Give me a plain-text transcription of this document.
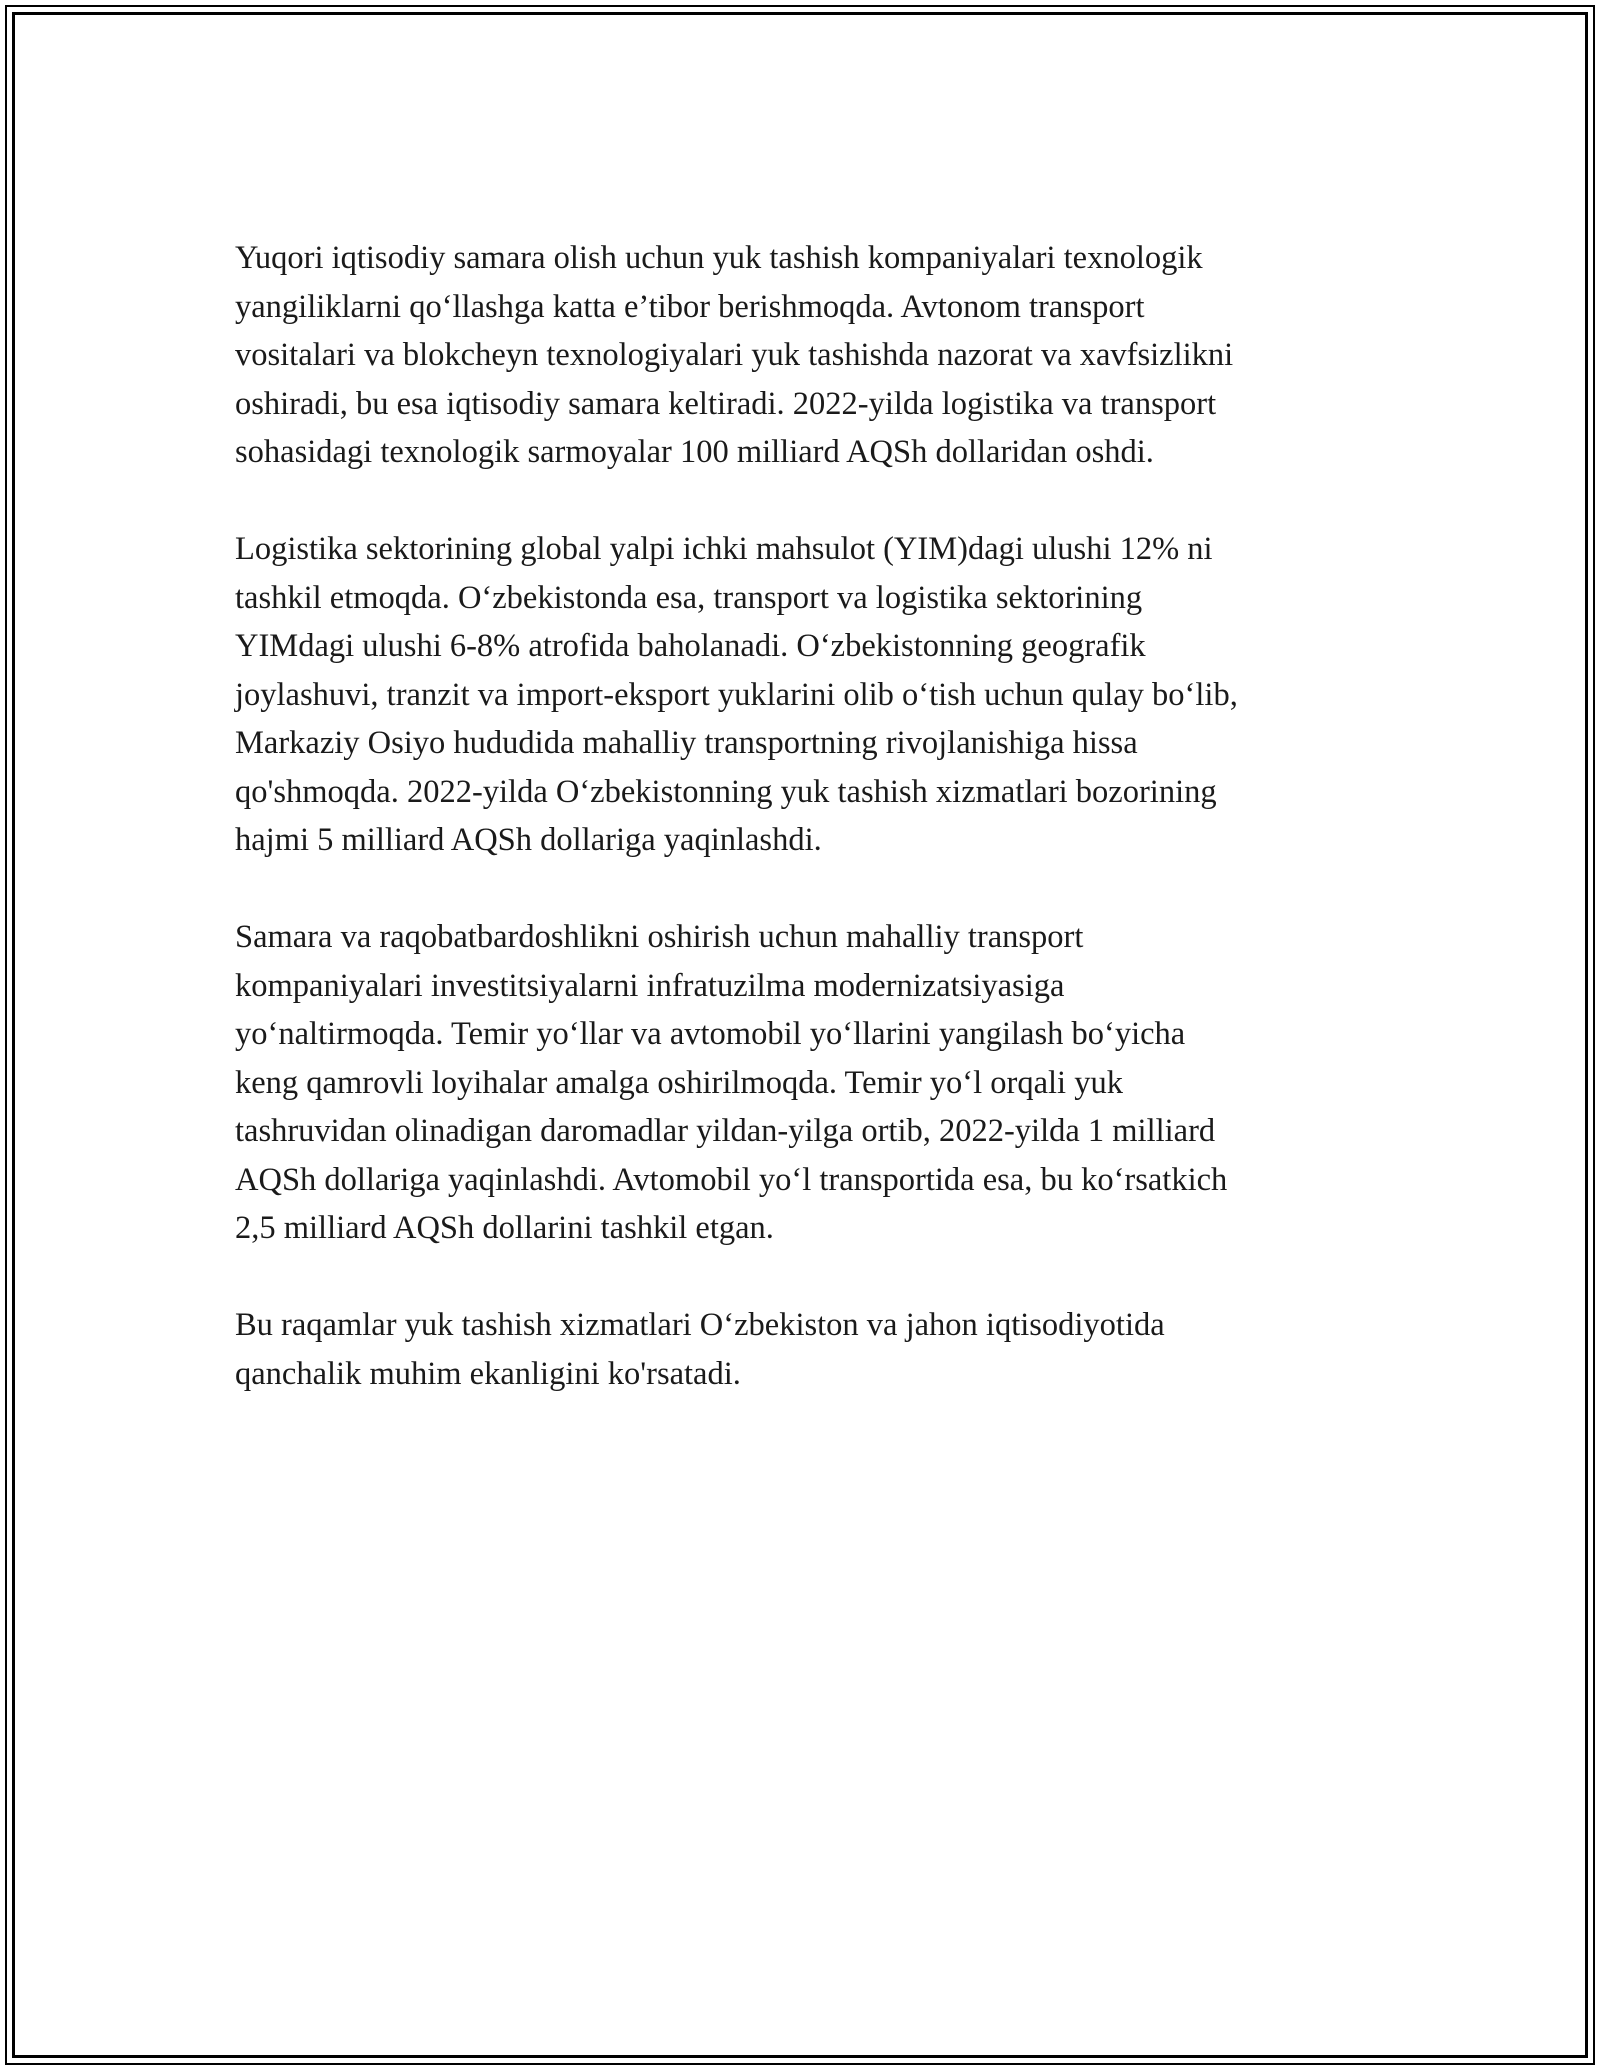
Yuqori iqtisodiy samara olish uchun yuk tashish kompaniyalari texnologik
yangiliklarni qo‘llashga katta e’tibor berishmoqda. Avtonom transport
vositalari va blokcheyn texnologiyalari yuk tashishda nazorat va xavfsizlikni
oshiradi, bu esa iqtisodiy samara keltiradi. 2022-yilda logistika va transport
sohasidagi texnologik sarmoyalar 100 milliard AQSh dollaridan oshdi.

Logistika sektorining global yalpi ichki mahsulot (YIM)dagi ulushi 12% ni
tashkil etmoqda. O‘zbekistonda esa, transport va logistika sektorining
YIMdagi ulushi 6-8% atrofida baholanadi. O‘zbekistonning geografik
joylashuvi, tranzit va import-eksport yuklarini olib o‘tish uchun qulay bo‘lib,
Markaziy Osiyo hududida mahalliy transportning rivojlanishiga hissa
qo'shmoqda. 2022-yilda O‘zbekistonning yuk tashish xizmatlari bozorining
hajmi 5 milliard AQSh dollariga yaqinlashdi.

Samara va raqobatbardoshlikni oshirish uchun mahalliy transport
kompaniyalari investitsiyalarni infratuzilma modernizatsiyasiga
yo‘naltirmoqda. Temir yo‘llar va avtomobil yo‘llarini yangilash bo‘yicha
keng qamrovli loyihalar amalga oshirilmoqda. Temir yo‘l orqali yuk
tashruvidan olinadigan daromadlar yildan-yilga ortib, 2022-yilda 1 milliard
AQSh dollariga yaqinlashdi. Avtomobil yo‘l transportida esa, bu ko‘rsatkich
2,5 milliard AQSh dollarini tashkil etgan.

Bu raqamlar yuk tashish xizmatlari O‘zbekiston va jahon iqtisodiyotida
qanchalik muhim ekanligini ko'rsatadi.
